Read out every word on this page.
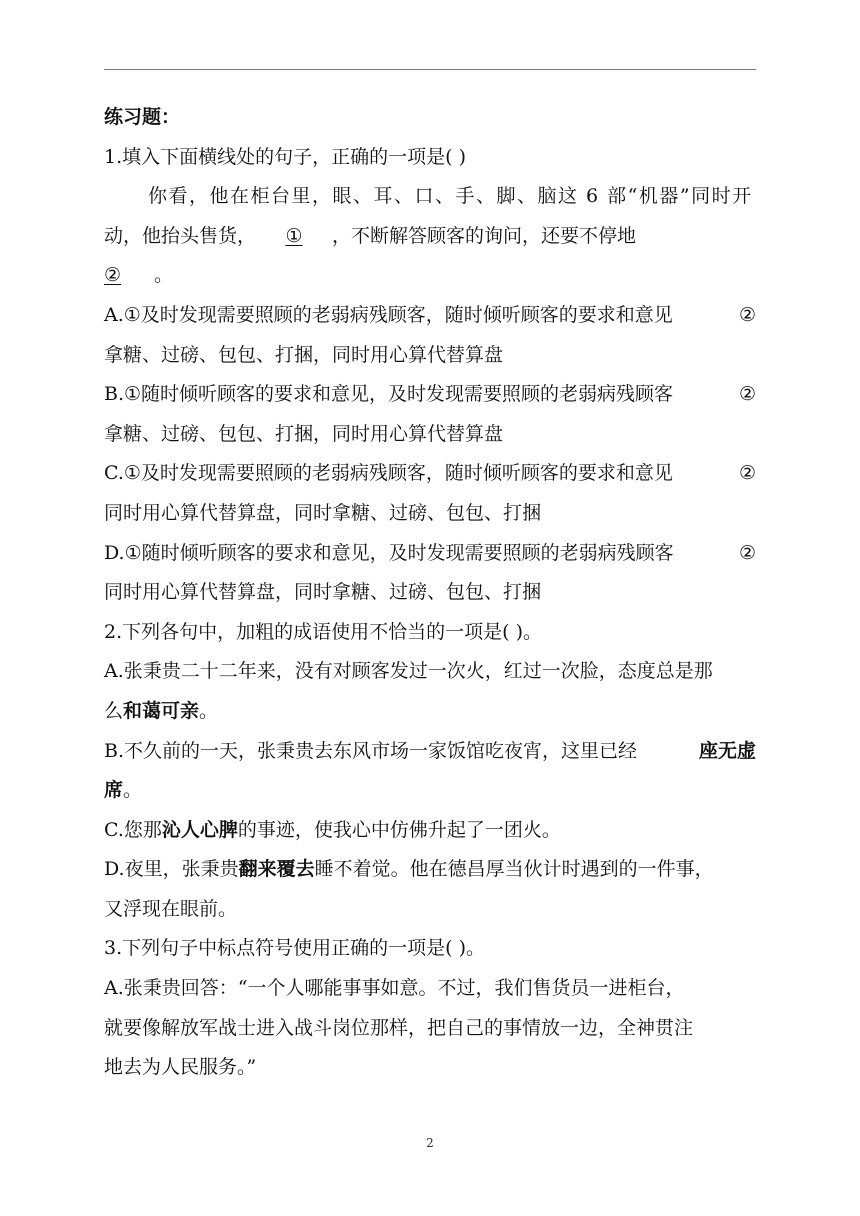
练习题：
1.填入下面横线处的句子，正确的一项是( )
你看，他在柜台里，眼、耳、口、手、脚、脑这 6 部“机器”同时开
动，他抬头售货， ① ，不断解答顾客的询问，还要不停地
② 。
A.①及时发现需要照顾的老弱病残顾客，随时倾听顾客的要求和意见	②
拿糖、过磅、包包、打捆，同时用心算代替算盘
B.①随时倾听顾客的要求和意见，及时发现需要照顾的老弱病残顾客	②
拿糖、过磅、包包、打捆，同时用心算代替算盘
C.①及时发现需要照顾的老弱病残顾客，随时倾听顾客的要求和意见	②
同时用心算代替算盘，同时拿糖、过磅、包包、打捆
D.①随时倾听顾客的要求和意见，及时发现需要照顾的老弱病残顾客	②
同时用心算代替算盘，同时拿糖、过磅、包包、打捆
2.下列各句中，加粗的成语使用不恰当的一项是( )。
A.张秉贵二十二年来，没有对顾客发过一次火，红过一次脸，态度总是那
么和蔼可亲。
B.不久前的一天，张秉贵去东风市场一家饭馆吃夜宵，这里已经	座无虚
席。
C.您那沁人心脾的事迹，使我心中仿佛升起了一团火。
D.夜里，张秉贵翻来覆去睡不着觉。他在德昌厚当伙计时遇到的一件事，
又浮现在眼前。
3.下列句子中标点符号使用正确的一项是( )。
A.张秉贵回答：“一个人哪能事事如意。不过，我们售货员一进柜台，
就要像解放军战士进入战斗岗位那样，把自己的事情放一边，全神贯注
地去为人民服务。”
2
